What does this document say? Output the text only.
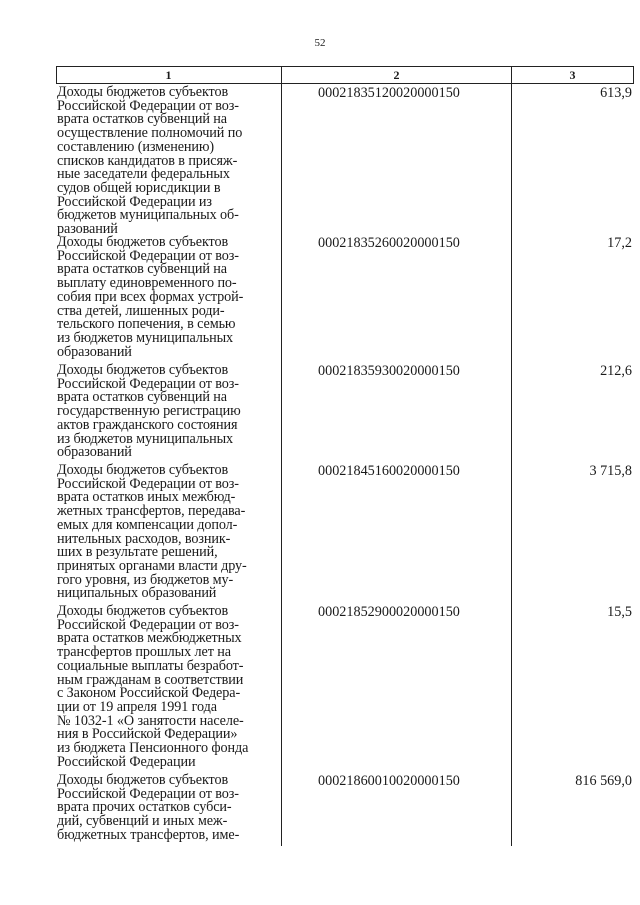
52
1	2	3
Доходы бюджетов субъектов
Российской Федерации от воз-
врата остатков субвенций на
осуществление полномочий по
составлению (изменению)
списков кандидатов в присяж-
ные заседатели федеральных
судов общей юрисдикции в
Российской Федерации из
бюджетов муниципальных об-
разований
00021835120020000150	613,9
Доходы бюджетов субъектов
Российской Федерации от воз-
врата остатков субвенций на
выплату единовременного по-
собия при всех формах устрой-
ства детей, лишенных роди-
тельского попечения, в семью
из бюджетов муниципальных
образований
00021835260020000150	17,2
Доходы бюджетов субъектов
Российской Федерации от воз-
врата остатков субвенций на
государственную регистрацию
актов гражданского состояния
из бюджетов муниципальных
образований
00021835930020000150	212,6
Доходы бюджетов субъектов
Российской Федерации от воз-
врата остатков иных межбюд-
жетных трансфертов, передава-
емых для компенсации допол-
нительных расходов, возник-
ших в результате решений,
принятых органами власти дру-
гого уровня, из бюджетов му-
ниципальных образований
00021845160020000150	3 715,8
Доходы бюджетов субъектов
Российской Федерации от воз-
врата остатков межбюджетных
трансфертов прошлых лет на
социальные выплаты безработ-
ным гражданам в соответствии
с Законом Российской Федера-
ции от 19 апреля 1991 года
№ 1032-1 «О занятости населе-
ния в Российской Федерации»
из бюджета Пенсионного фонда
Российской Федерации
00021852900020000150	15,5
Доходы бюджетов субъектов
Российской Федерации от воз-
врата прочих остатков субси-
дий, субвенций и иных меж-
бюджетных трансфертов, име-
00021860010020000150	816 569,0
